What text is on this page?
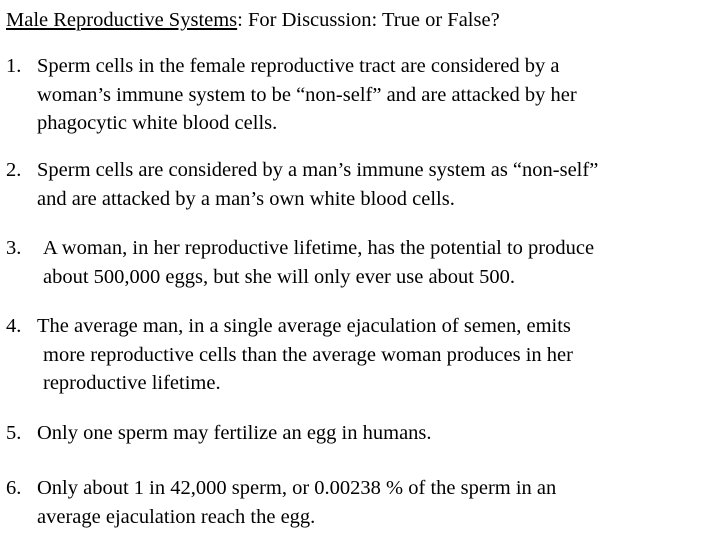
Male Reproductive Systems: For Discussion: True or False?
1. Sperm cells in the female reproductive tract are considered by a
woman’s immune system to be “non-self” and are attacked by her
phagocytic white blood cells.
2. Sperm cells are considered by a man’s immune system as “non-self”
and are attacked by a man’s own white blood cells.
3.	A woman, in her reproductive lifetime, has the potential to produce
about 500,000 eggs, but she will only ever use about 500.
4. The average man, in a single average ejaculation of semen, emits
more reproductive cells than the average woman produces in her
reproductive lifetime.
5. Only one sperm may fertilize an egg in humans.
6. Only about 1 in 42,000 sperm, or 0.00238 % of the sperm in an
average ejaculation reach the egg.
